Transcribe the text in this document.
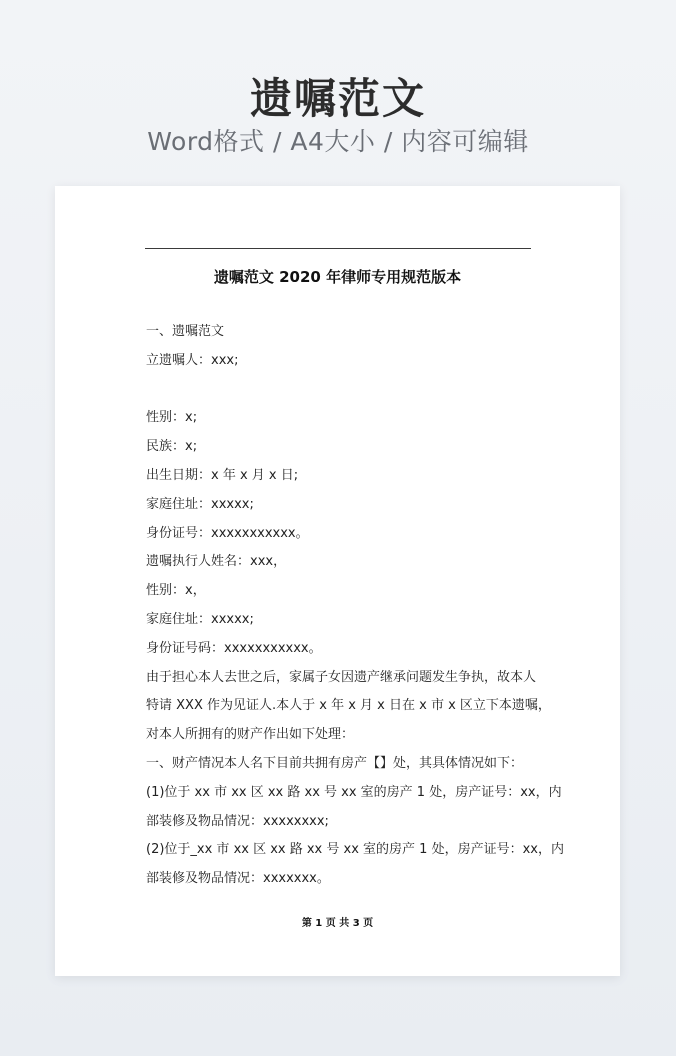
遗嘱范文
Word格式 / A4大小 / 内容可编辑
遗嘱范文 2020 年律师专用规范版本
一、遗嘱范文
立遗嘱人：xxx;
性别：x;
民族：x;
出生日期：x 年 x 月 x 日;
家庭住址：xxxxx;
身份证号：xxxxxxxxxxx。
遗嘱执行人姓名：xxx，
性别：x，
家庭住址：xxxxx;
身份证号码：xxxxxxxxxxx。
由于担心本人去世之后，家属子女因遗产继承问题发生争执，故本人
特请 XXX 作为见证人.本人于 x 年 x 月 x 日在 x 市 x 区立下本遗嘱，
对本人所拥有的财产作出如下处理：
一、财产情况本人名下目前共拥有房产【】处，其具体情况如下：
(1)位于 xx 市 xx 区 xx 路 xx 号 xx 室的房产 1 处，房产证号：xx，内
部装修及物品情况：xxxxxxxx;
(2)位于_xx 市 xx 区 xx 路 xx 号 xx 室的房产 1 处，房产证号：xx，内
部装修及物品情况：xxxxxxx。
第 1 页 共 3 页
